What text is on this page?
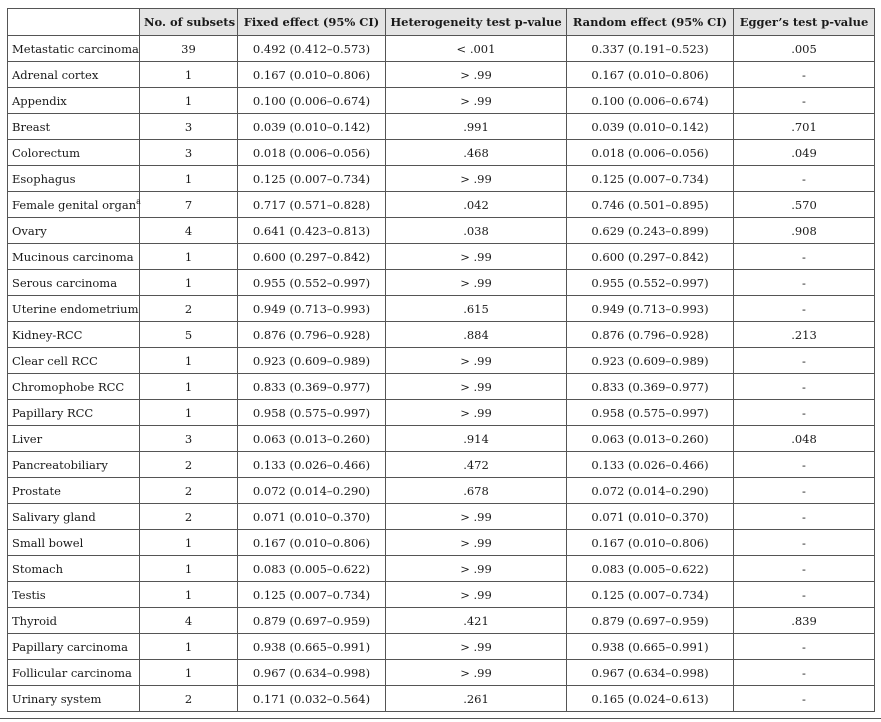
	No. of subsets	Fixed effect (95% CI)	Heterogeneity test p-value	Random effect (95% CI)	Egger’s test p-value
Metastatic carcinoma	39	0.492 (0.412–0.573)	< .001	0.337 (0.191–0.523)	.005
Adrenal cortex	1	0.167 (0.010–0.806)	> .99	0.167 (0.010–0.806)	-
Appendix	1	0.100 (0.006–0.674)	> .99	0.100 (0.006–0.674)	-
Breast	3	0.039 (0.010–0.142)	.991	0.039 (0.010–0.142)	.701
Colorectum	3	0.018 (0.006–0.056)	.468	0.018 (0.006–0.056)	.049
Esophagus	1	0.125 (0.007–0.734)	> .99	0.125 (0.007–0.734)	-
Female genital organ$^a$	7	0.717 (0.571–0.828)	.042	0.746 (0.501–0.895)	.570
Ovary	4	0.641 (0.423–0.813)	.038	0.629 (0.243–0.899)	.908
Mucinous carcinoma	1	0.600 (0.297–0.842)	> .99	0.600 (0.297–0.842)	-
Serous carcinoma	1	0.955 (0.552–0.997)	> .99	0.955 (0.552–0.997)	-
Uterine endometrium	2	0.949 (0.713–0.993)	.615	0.949 (0.713–0.993)	-
Kidney-RCC	5	0.876 (0.796–0.928)	.884	0.876 (0.796–0.928)	.213
Clear cell RCC	1	0.923 (0.609–0.989)	> .99	0.923 (0.609–0.989)	-
Chromophobe RCC	1	0.833 (0.369–0.977)	> .99	0.833 (0.369–0.977)	-
Papillary RCC	1	0.958 (0.575–0.997)	> .99	0.958 (0.575–0.997)	-
Liver	3	0.063 (0.013–0.260)	.914	0.063 (0.013–0.260)	.048
Pancreatobiliary	2	0.133 (0.026–0.466)	.472	0.133 (0.026–0.466)	-
Prostate	2	0.072 (0.014–0.290)	.678	0.072 (0.014–0.290)	-
Salivary gland	2	0.071 (0.010–0.370)	> .99	0.071 (0.010–0.370)	-
Small bowel	1	0.167 (0.010–0.806)	> .99	0.167 (0.010–0.806)	-
Stomach	1	0.083 (0.005–0.622)	> .99	0.083 (0.005–0.622)	-
Testis	1	0.125 (0.007–0.734)	> .99	0.125 (0.007–0.734)	-
Thyroid	4	0.879 (0.697–0.959)	.421	0.879 (0.697–0.959)	.839
Papillary carcinoma	1	0.938 (0.665–0.991)	> .99	0.938 (0.665–0.991)	-
Follicular carcinoma	1	0.967 (0.634–0.998)	> .99	0.967 (0.634–0.998)	-
Urinary system	2	0.171 (0.032–0.564)	.261	0.165 (0.024–0.613)	-
